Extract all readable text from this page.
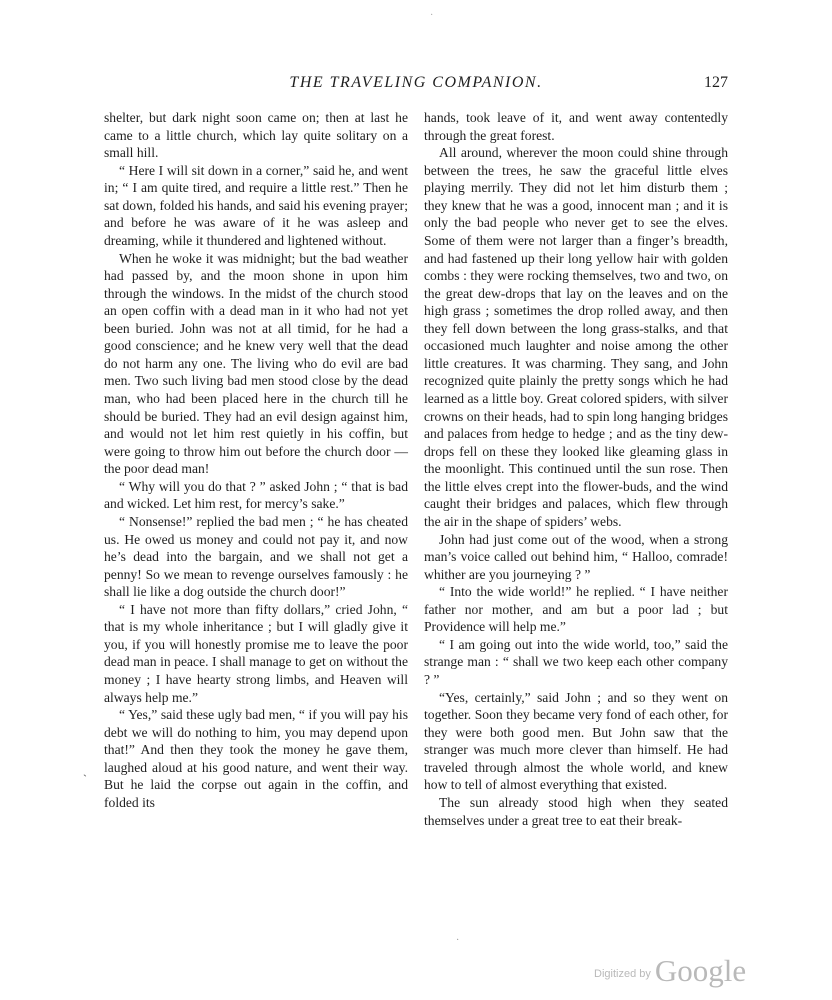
THE TRAVELING COMPANION.	127

shelter, but dark night soon came on; then at last he came to a little church, which lay quite solitary on a small hill.

“ Here I will sit down in a corner,” said he, and went in; “ I am quite tired, and require a little rest.” Then he sat down, folded his hands, and said his evening prayer; and before he was aware of it he was asleep and dreaming, while it thundered and lightened without.

When he woke it was midnight; but the bad weather had passed by, and the moon shone in upon him through the windows. In the midst of the church stood an open coffin with a dead man in it who had not yet been buried. John was not at all timid, for he had a good conscience; and he knew very well that the dead do not harm any one. The living who do evil are bad men. Two such living bad men stood close by the dead man, who had been placed here in the church till he should be buried. They had an evil design against him, and would not let him rest quietly in his coffin, but were going to throw him out before the church door —the poor dead man!

“ Why will you do that ? ” asked John ; “ that is bad and wicked. Let him rest, for mercy’s sake.”

“ Nonsense!” replied the bad men ; “ he has cheated us. He owed us money and could not pay it, and now he’s dead into the bargain, and we shall not get a penny! So we mean to revenge ourselves famously : he shall lie like a dog outside the church door!”

“ I have not more than fifty dollars,” cried John, “ that is my whole inheritance ; but I will gladly give it you, if you will honestly promise me to leave the poor dead man in peace. I shall manage to get on without the money ; I have hearty strong limbs, and Heaven will always help me.”

“ Yes,” said these ugly bad men, “ if you will pay his debt we will do nothing to him, you may depend upon that!” And then they took the money he gave them, laughed aloud at his good nature, and went their way. But he laid the corpse out again in the coffin, and folded its

hands, took leave of it, and went away contentedly through the great forest.

All around, wherever the moon could shine through between the trees, he saw the graceful little elves playing merrily. They did not let him disturb them ; they knew that he was a good, innocent man ; and it is only the bad people who never get to see the elves. Some of them were not larger than a finger’s breadth, and had fastened up their long yellow hair with golden combs : they were rocking themselves, two and two, on the great dew-drops that lay on the leaves and on the high grass ; sometimes the drop rolled away, and then they fell down between the long grass-stalks, and that occasioned much laughter and noise among the other little creatures. It was charming. They sang, and John recognized quite plainly the pretty songs which he had learned as a little boy. Great colored spiders, with silver crowns on their heads, had to spin long hanging bridges and palaces from hedge to hedge ; and as the tiny dew-drops fell on these they looked like gleaming glass in the moonlight. This continued until the sun rose. Then the little elves crept into the flower-buds, and the wind caught their bridges and palaces, which flew through the air in the shape of spiders’ webs.

John had just come out of the wood, when a strong man’s voice called out behind him, “ Halloo, comrade! whither are you journeying ? ”

“ Into the wide world!” he replied. “ I have neither father nor mother, and am but a poor lad ; but Providence will help me.”

“ I am going out into the wide world, too,” said the strange man : “ shall we two keep each other company ? ”

“Yes, certainly,” said John ; and so they went on together. Soon they became very fond of each other, for they were both good men. But John saw that the stranger was much more clever than himself. He had traveled through almost the whole world, and knew how to tell of almost everything that existed.

The sun already stood high when they seated themselves under a great tree to eat their break-

·
`
·
Digitized by Google
